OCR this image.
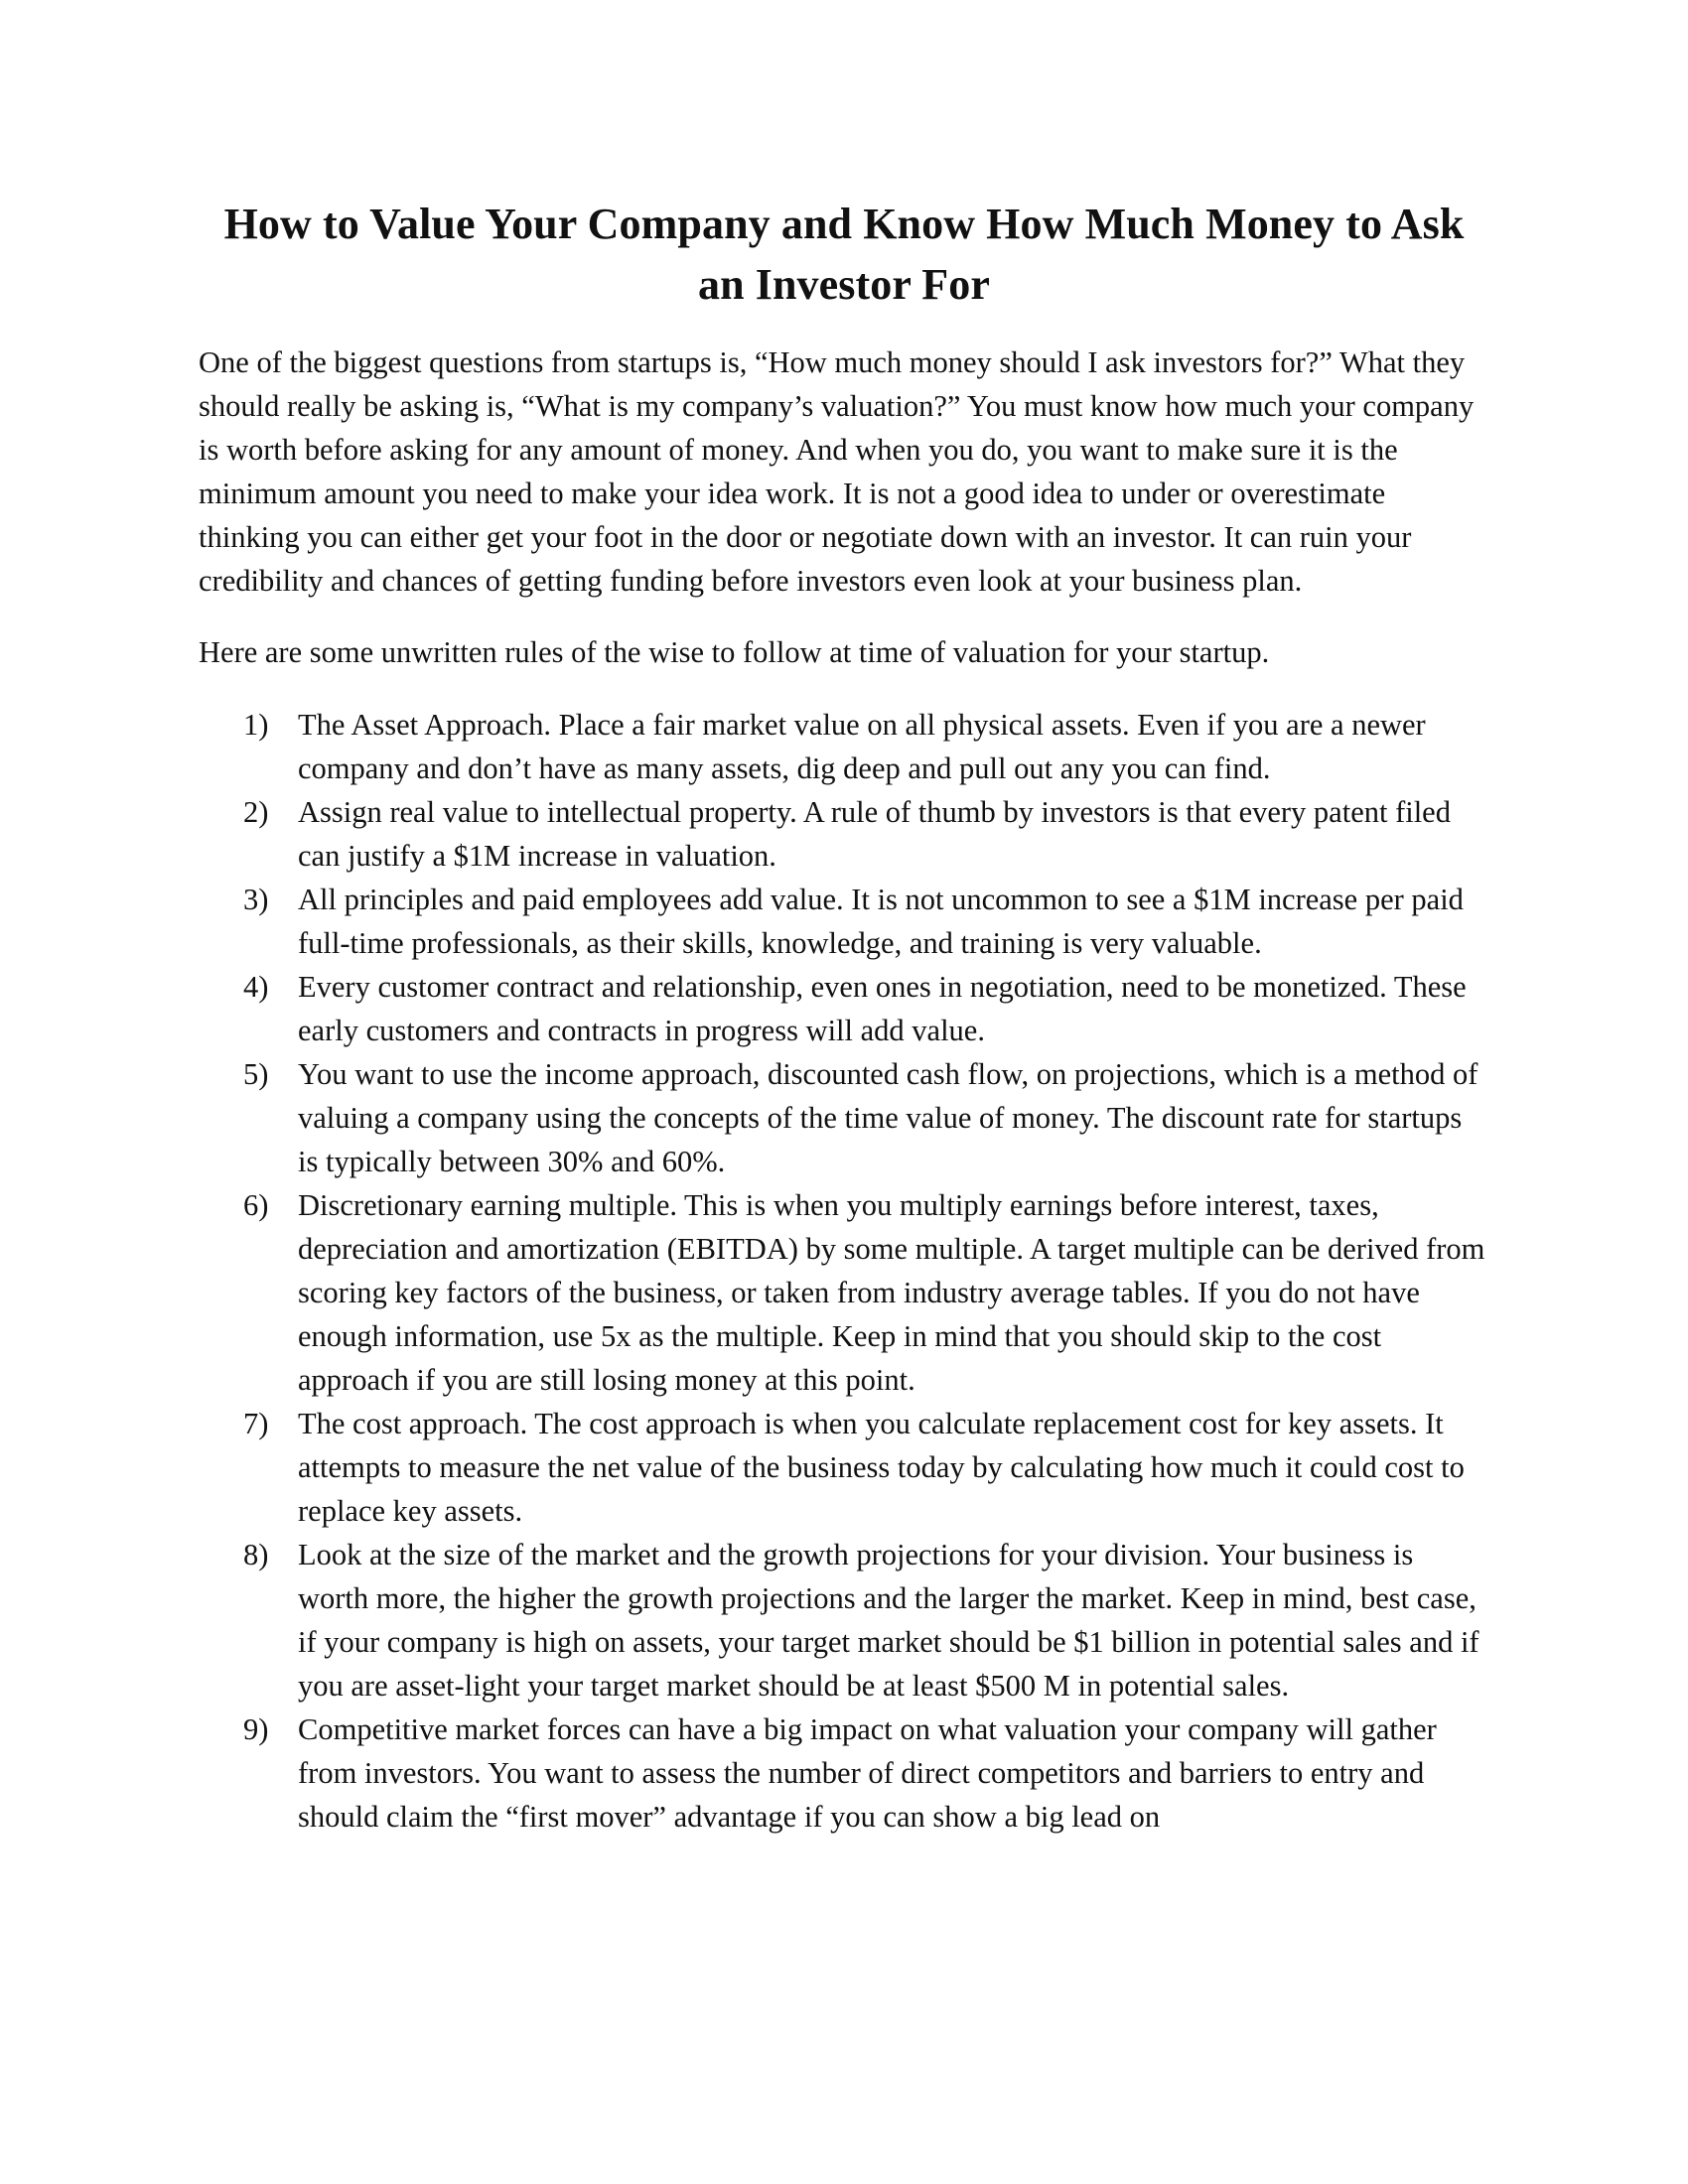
How to Value Your Company and Know How Much Money to Ask an Investor For

One of the biggest questions from startups is, “How much money should I ask investors for?” What they should really be asking is, “What is my company’s valuation?” You must know how much your company is worth before asking for any amount of money. And when you do, you want to make sure it is the minimum amount you need to make your idea work. It is not a good idea to under or overestimate thinking you can either get your foot in the door or negotiate down with an investor. It can ruin your credibility and chances of getting funding before investors even look at your business plan.

Here are some unwritten rules of the wise to follow at time of valuation for your startup.

1) The Asset Approach. Place a fair market value on all physical assets. Even if you are a newer company and don’t have as many assets, dig deep and pull out any you can find.
2) Assign real value to intellectual property. A rule of thumb by investors is that every patent filed can justify a $1M increase in valuation.
3) All principles and paid employees add value. It is not uncommon to see a $1M increase per paid full-time professionals, as their skills, knowledge, and training is very valuable.
4) Every customer contract and relationship, even ones in negotiation, need to be monetized. These early customers and contracts in progress will add value.
5) You want to use the income approach, discounted cash flow, on projections, which is a method of valuing a company using the concepts of the time value of money. The discount rate for startups is typically between 30% and 60%.
6) Discretionary earning multiple. This is when you multiply earnings before interest, taxes, depreciation and amortization (EBITDA) by some multiple. A target multiple can be derived from scoring key factors of the business, or taken from industry average tables. If you do not have enough information, use 5x as the multiple. Keep in mind that you should skip to the cost approach if you are still losing money at this point.
7) The cost approach. The cost approach is when you calculate replacement cost for key assets. It attempts to measure the net value of the business today by calculating how much it could cost to replace key assets.
8) Look at the size of the market and the growth projections for your division. Your business is worth more, the higher the growth projections and the larger the market. Keep in mind, best case, if your company is high on assets, your target market should be $1 billion in potential sales and if you are asset-light your target market should be at least $500 M in potential sales.
9) Competitive market forces can have a big impact on what valuation your company will gather from investors. You want to assess the number of direct competitors and barriers to entry and should claim the “first mover” advantage if you can show a big lead on
